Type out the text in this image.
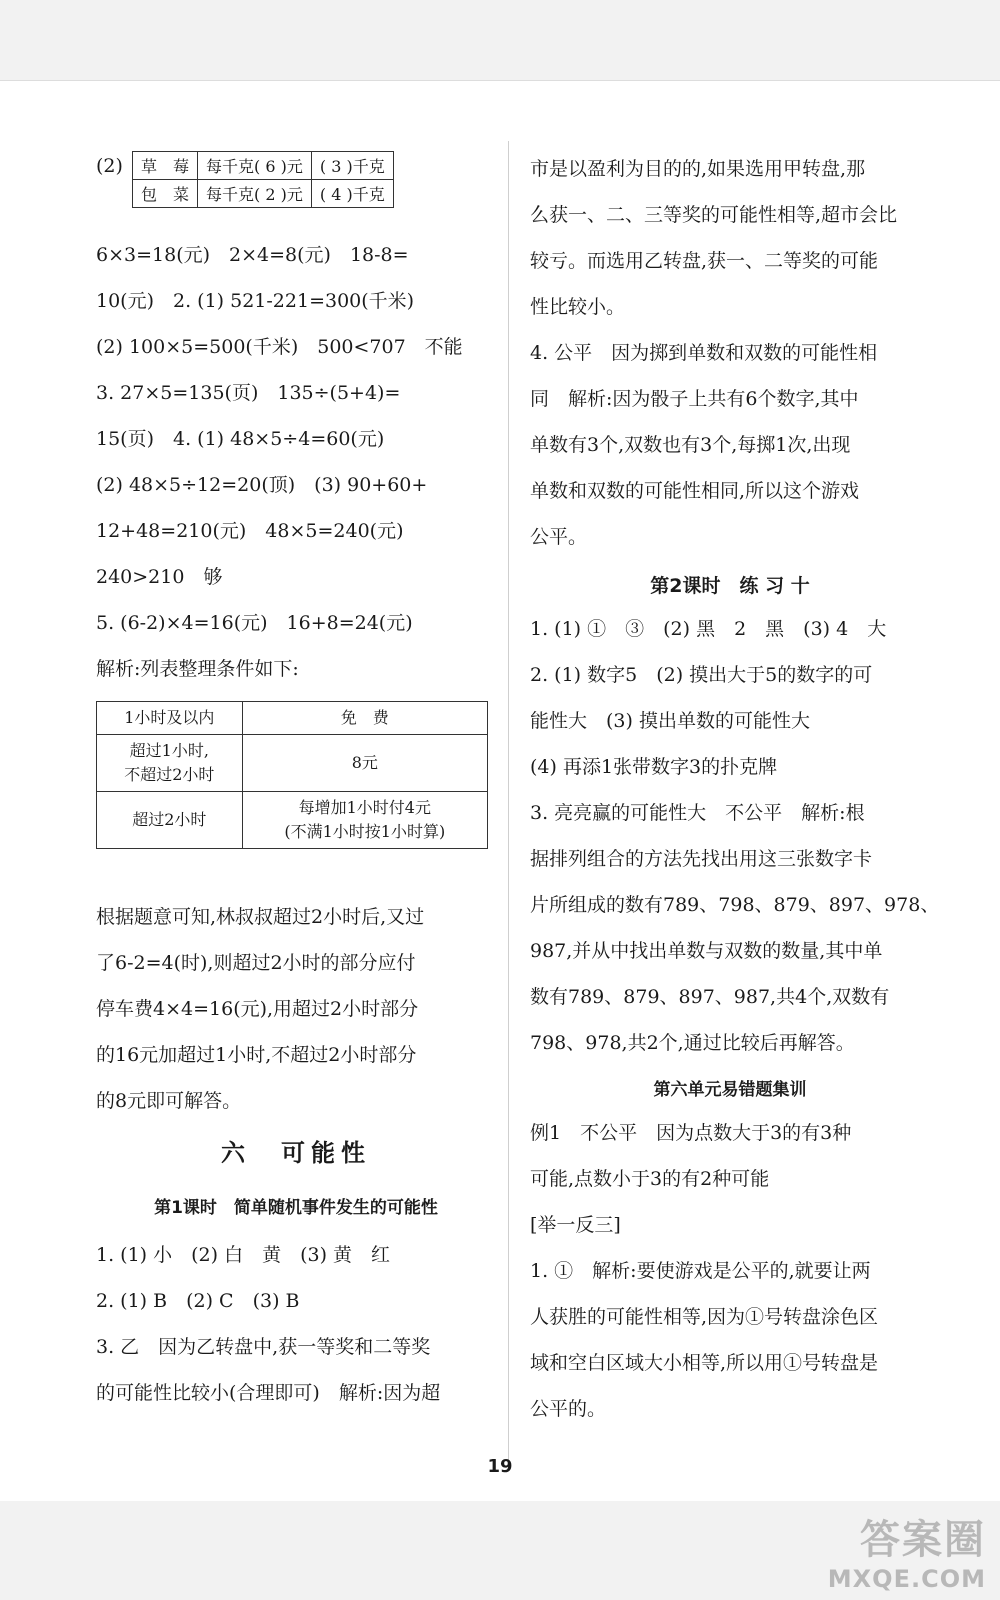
(2) 草　莓	每千克( 6 )元	( 3 )千克
包　菜	每千克( 2 )元	( 4 )千克
6×3=18(元)　2×4=8(元)　18-8=
10(元)　2. (1) 521-221=300(千米)
(2) 100×5=500(千米)　500<707　不能
3. 27×5=135(页)　135÷(5+4)=
15(页)　4. (1) 48×5÷4=60(元)
(2) 48×5÷12=20(顶)　(3) 90+60+
12+48=210(元)　48×5=240(元)
240>210　够
5. (6-2)×4=16(元)　16+8=24(元)
解析:列表整理条件如下:
1小时及以内	免　费
超过1小时,
不超过2小时	8元
超过2小时	每增加1小时付4元
(不满1小时按1小时算)
根据题意可知,林叔叔超过2小时后,又过
了6-2=4(时),则超过2小时的部分应付
停车费4×4=16(元),用超过2小时部分
的16元加超过1小时,不超过2小时部分
的8元即可解答。
六　可能性
第1课时　简单随机事件发生的可能性
1. (1) 小　(2) 白　黄　(3) 黄　红
2. (1) B　(2) C　(3) B
3. 乙　因为乙转盘中,获一等奖和二等奖
的可能性比较小(合理即可)　解析:因为超
市是以盈利为目的的,如果选用甲转盘,那
么获一、二、三等奖的可能性相等,超市会比
较亏。而选用乙转盘,获一、二等奖的可能
性比较小。
4. 公平　因为掷到单数和双数的可能性相
同　解析:因为骰子上共有6个数字,其中
单数有3个,双数也有3个,每掷1次,出现
单数和双数的可能性相同,所以这个游戏
公平。
第2课时　练 习 十
1. (1) ①　③　(2) 黑　2　黑　(3) 4　大
2. (1) 数字5　(2) 摸出大于5的数字的可
能性大　(3) 摸出单数的可能性大
(4) 再添1张带数字3的扑克牌
3. 亮亮赢的可能性大　不公平　解析:根
据排列组合的方法先找出用这三张数字卡
片所组成的数有789、798、879、897、978、
987,并从中找出单数与双数的数量,其中单
数有789、879、897、987,共4个,双数有
798、978,共2个,通过比较后再解答。
第六单元易错题集训
例1　不公平　因为点数大于3的有3种
可能,点数小于3的有2种可能
[举一反三]
1. ①　解析:要使游戏是公平的,就要让两
人获胜的可能性相等,因为①号转盘涂色区
域和空白区域大小相等,所以用①号转盘是
公平的。
19
答案圈
MXQE.COM
